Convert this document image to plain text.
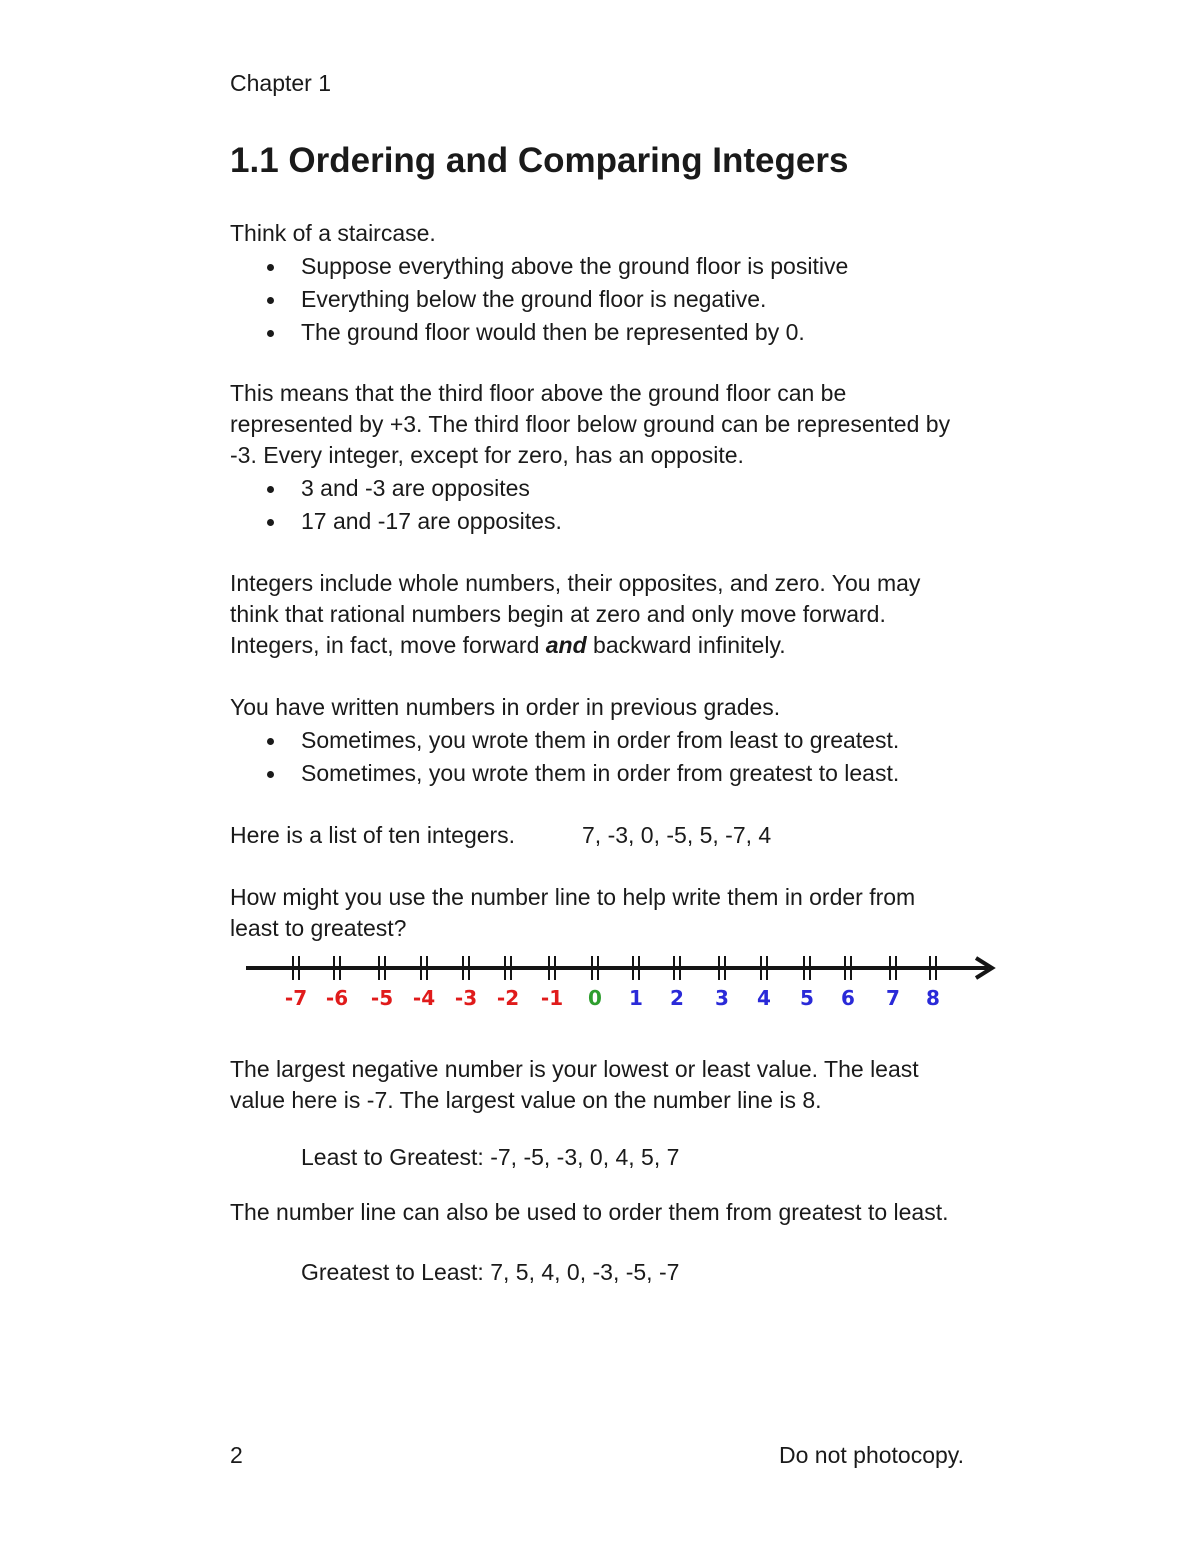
Chapter 1
1.1 Ordering and Comparing Integers

Think of a staircase.

Suppose everything above the ground floor is positive
Everything below the ground floor is negative.
The ground floor would then be represented by 0.

This means that the third floor above the ground floor can be
represented by +3. The third floor below ground can be represented by
-3. Every integer, except for zero, has an opposite.

3 and -3 are opposites
17 and -17 are opposites.

Integers include whole numbers, their opposites, and zero. You may
think that rational numbers begin at zero and only move forward.
Integers, in fact, move forward and backward infinitely.

You have written numbers in order in previous grades.

Sometimes, you wrote them in order from least to greatest.
Sometimes, you wrote them in order from greatest to least.
Here is a list of ten integers.	7, -3, 0, -5, 5, -7, 4

How might you use the number line to help write them in order from
least to greatest?

-7 -6 -5 -4 -3 -2 -1 0 1 2 3 4 5 6 7 8

The largest negative number is your lowest or least value. The least
value here is -7. The largest value on the number line is 8.

Least to Greatest: -7, -5, -3, 0, 4, 5, 7

The number line can also be used to order them from greatest to least.

Greatest to Least: 7, 5, 4, 0, -3, -5, -7
2	Do not photocopy.
